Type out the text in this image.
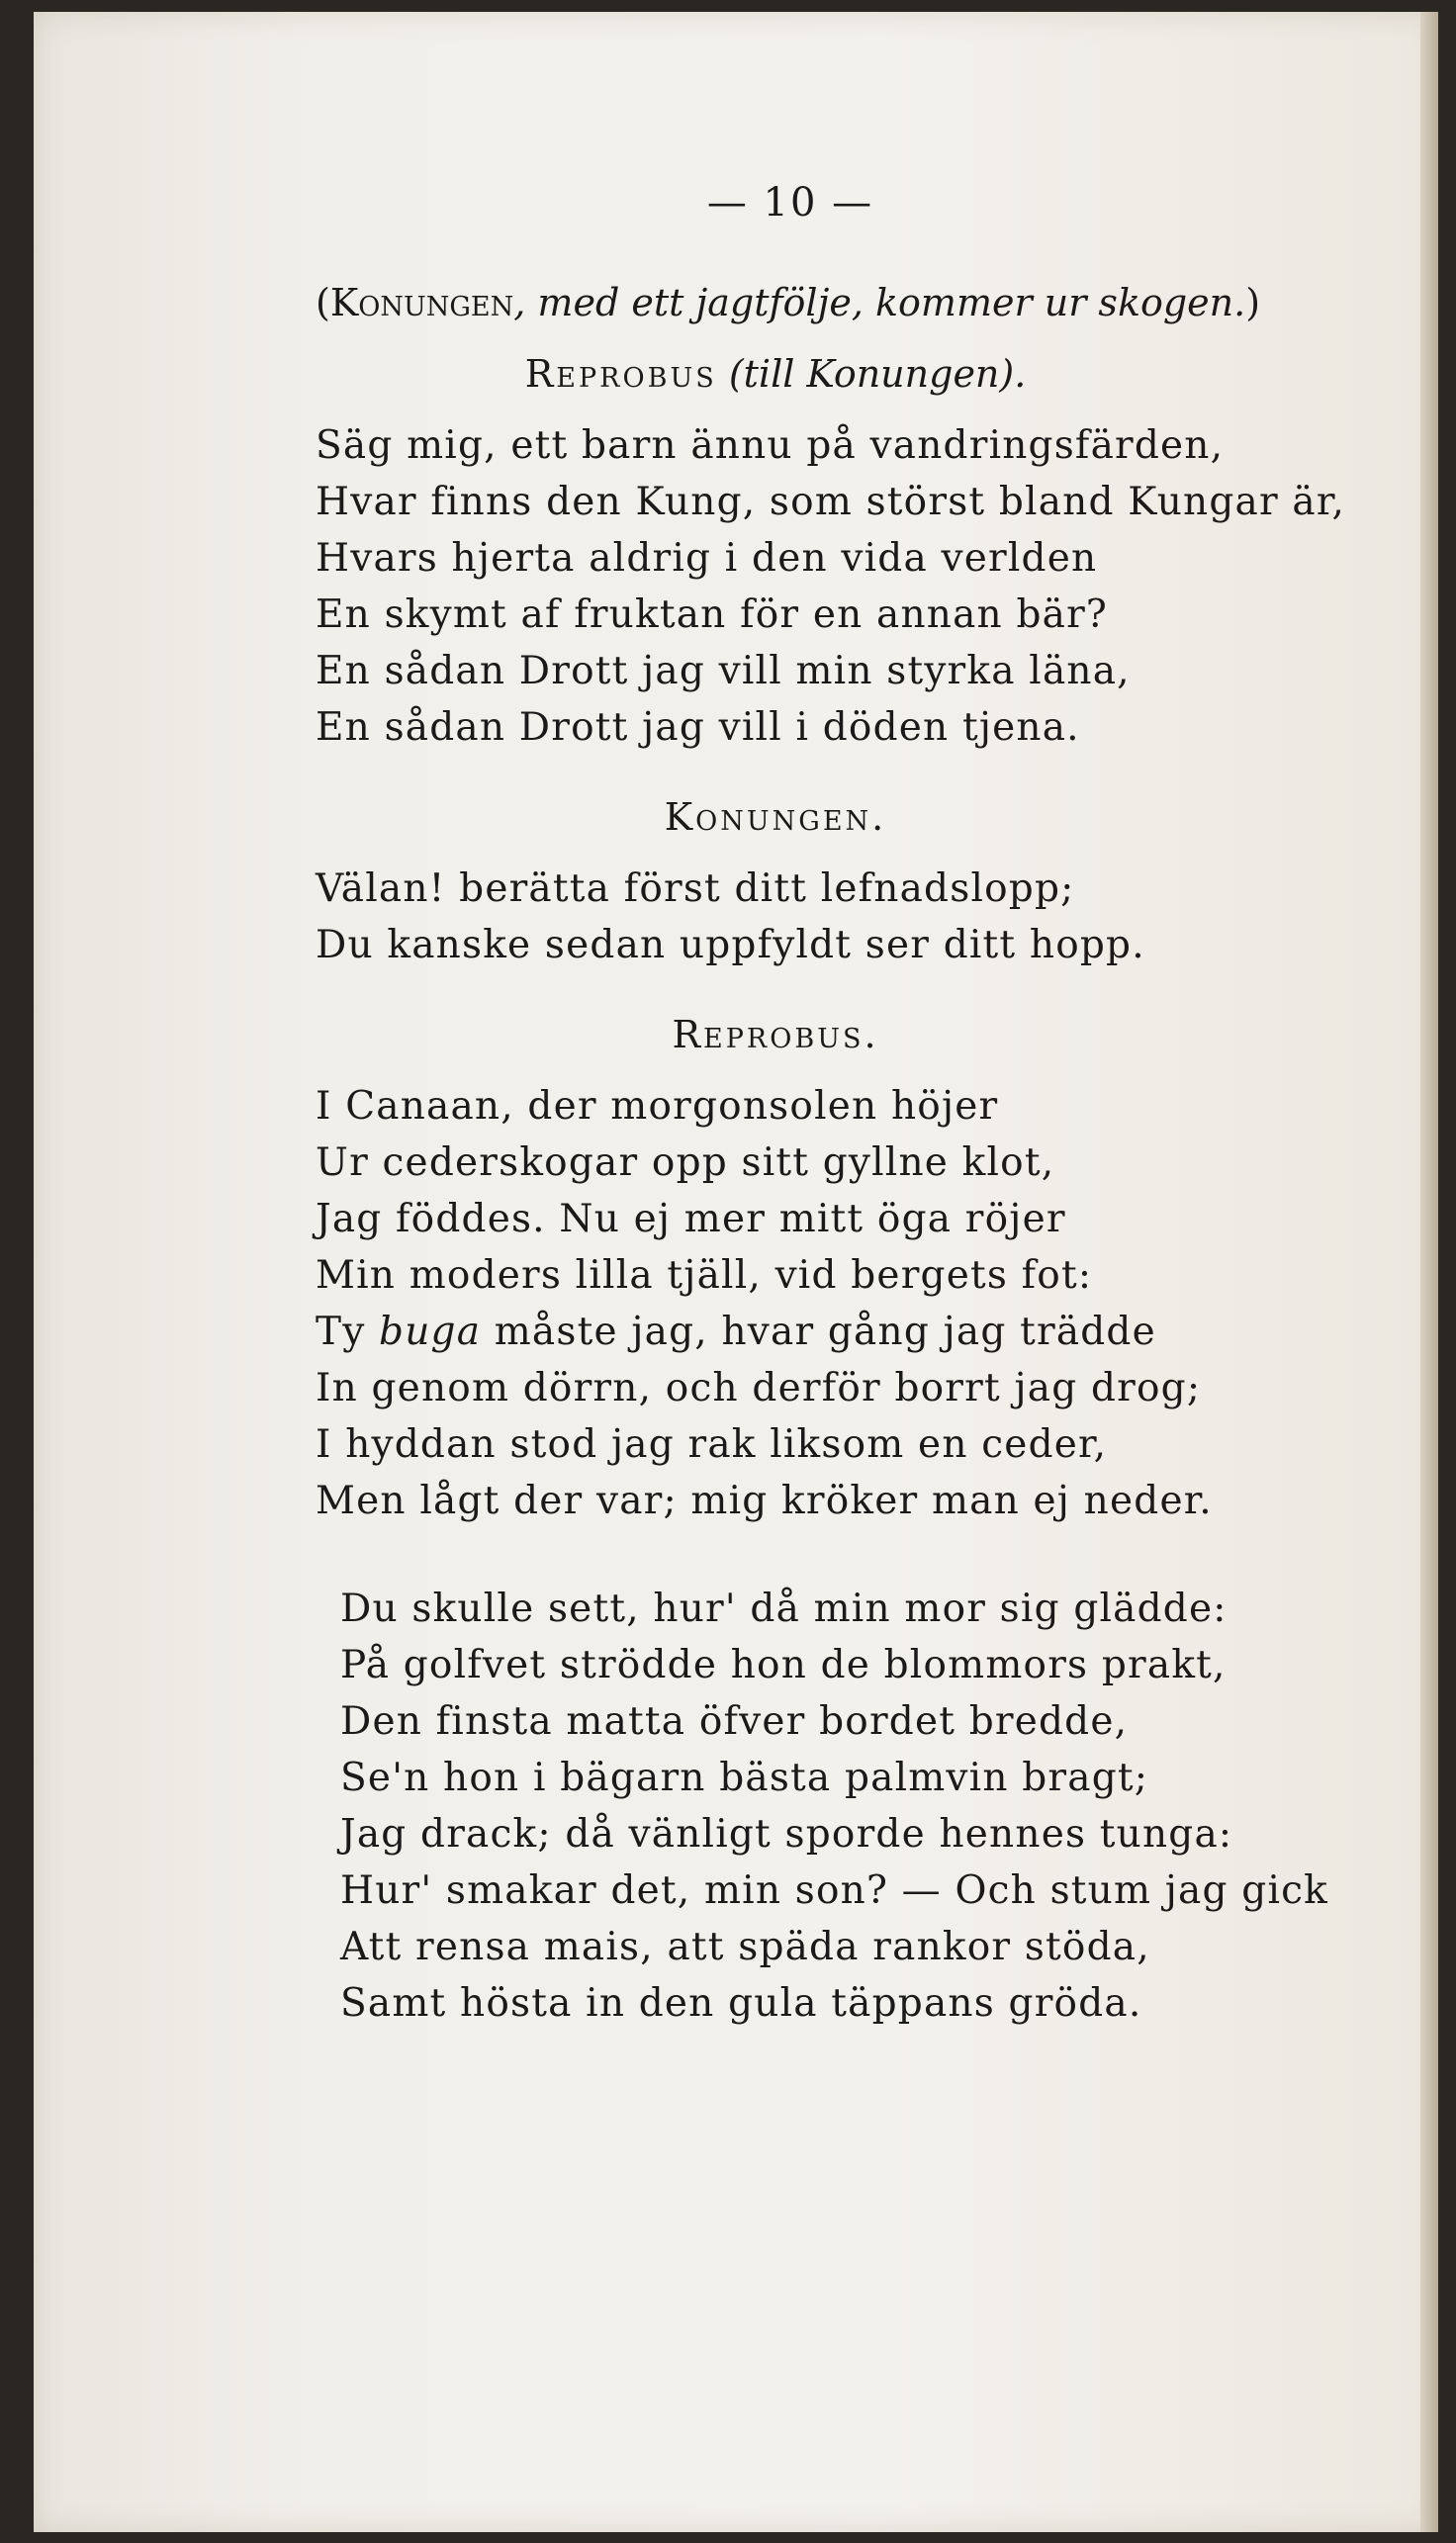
— 10 —
(Konungen, med ett jagtfölje, kommer ur skogen.)
Reprobus (till Konungen).
Säg mig, ett barn ännu på vandringsfärden,
Hvar finns den Kung, som störst bland Kungar är,
Hvars hjerta aldrig i den vida verlden
En skymt af fruktan för en annan bär?
En sådan Drott jag vill min styrka läna,
En sådan Drott jag vill i döden tjena.
Konungen.
Välan! berätta först ditt lefnadslopp;
Du kanske sedan uppfyldt ser ditt hopp.
Reprobus.
I Canaan, der morgonsolen höjer
Ur cederskogar opp sitt gyllne klot,
Jag föddes. Nu ej mer mitt öga röjer
Min moders lilla tjäll, vid bergets fot:
Ty buga måste jag, hvar gång jag trädde
In genom dörrn, och derför borrt jag drog;
I hyddan stod jag rak liksom en ceder,
Men lågt der var; mig kröker man ej neder.
Du skulle sett, hur' då min mor sig glädde:
På golfvet strödde hon de blommors prakt,
Den finsta matta öfver bordet bredde,
Se'n hon i bägarn bästa palmvin bragt;
Jag drack; då vänligt sporde hennes tunga:
Hur' smakar det, min son? — Och stum jag gick
Att rensa mais, att späda rankor stöda,
Samt hösta in den gula täppans gröda.
